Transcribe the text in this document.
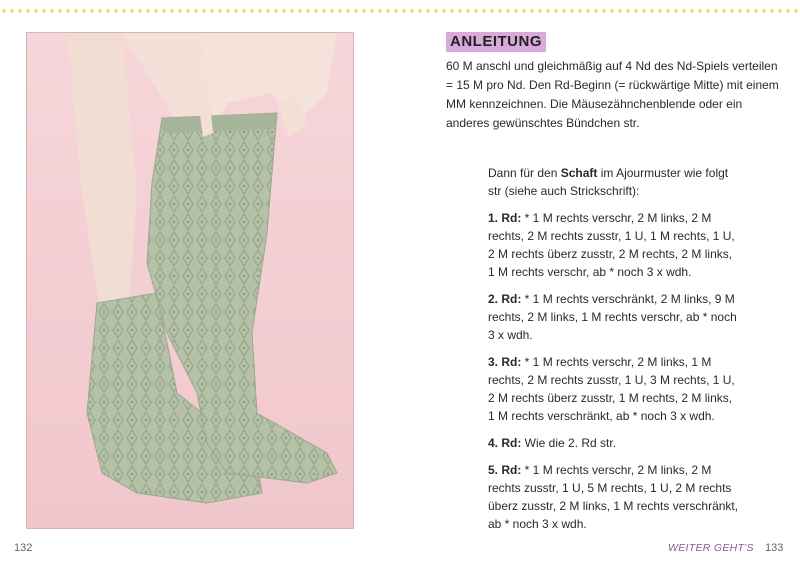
ANLEITUNG

60 M anschl und gleichmäßig auf 4 Nd des Nd-Spiels verteilen = 15 M pro Nd. Den Rd-Beginn (= rückwärtige Mitte) mit einem MM kennzeichnen. Die Mäusezähnchenblende oder ein anderes gewünschtes Bündchen str.

Dann für den Schaft im Ajourmuster wie folgt str (siehe auch Strickschrift):

1. Rd: * 1 M rechts verschr, 2 M links, 2 M rechts, 2 M rechts zusstr, 1 U, 1 M rechts, 1 U, 2 M rechts überz zusstr, 2 M rechts, 2 M links, 1 M rechts verschr, ab * noch 3 x wdh.

2. Rd: * 1 M rechts verschränkt, 2 M links, 9 M rechts, 2 M links, 1 M rechts verschr, ab * noch 3 x wdh.

3. Rd: * 1 M rechts verschr, 2 M links, 1 M rechts, 2 M rechts zusstr, 1 U, 3 M rechts, 1 U, 2 M rechts überz zusstr, 1 M rechts, 2 M links, 1 M rechts verschränkt, ab * noch 3 x wdh.

4. Rd: Wie die 2. Rd str.

5. Rd: * 1 M rechts verschr, 2 M links, 2 M rechts zusstr, 1 U, 5 M rechts, 1 U, 2 M rechts überz zusstr, 2 M links, 1 M rechts verschränkt, ab * noch 3 x wdh.

132	WEITER GEHT'S 133
